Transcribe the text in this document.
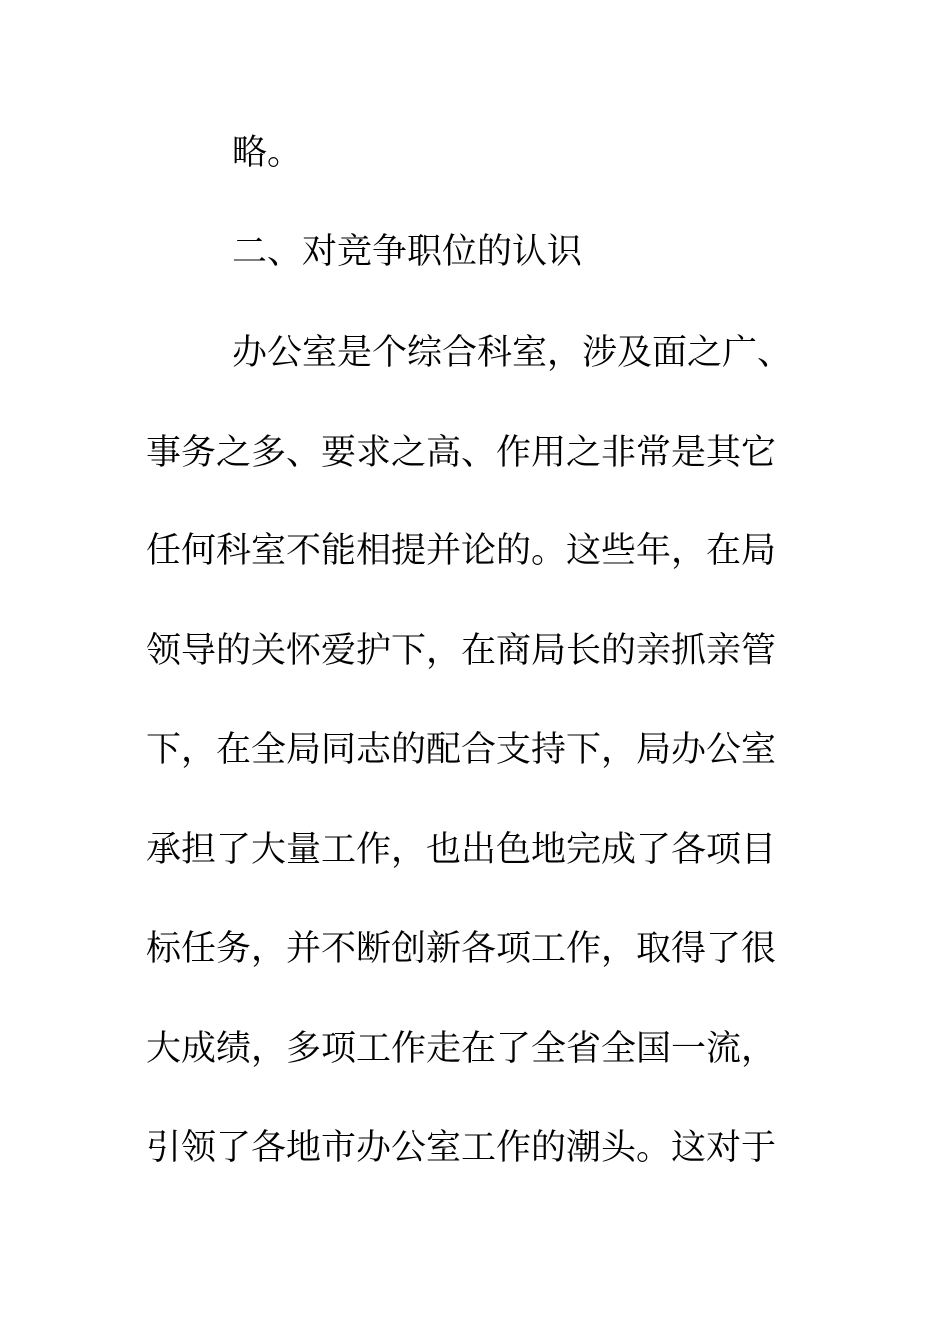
略。
二、对竞争职位的认识
办公室是个综合科室，涉及面之广、
事务之多、要求之高、作用之非常是其它
任何科室不能相提并论的。这些年，在局
领导的关怀爱护下，在商局长的亲抓亲管
下，在全局同志的配合支持下，局办公室
承担了大量工作，也出色地完成了各项目
标任务，并不断创新各项工作，取得了很
大成绩，多项工作走在了全省全国一流，
引领了各地市办公室工作的潮头。这对于
